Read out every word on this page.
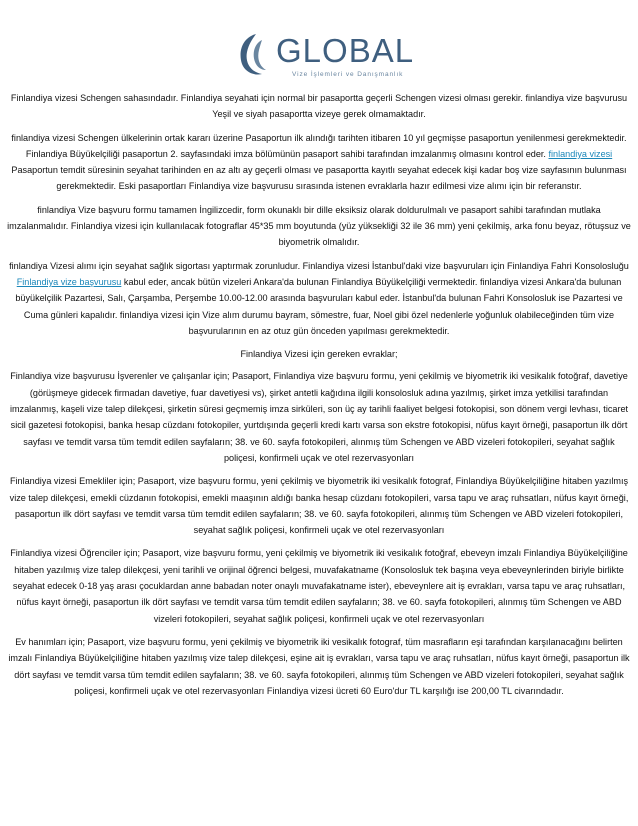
GLOBAL
Vize İşlemleri ve Danışmanlık

Finlandiya vizesi Schengen sahasındadır. Finlandiya seyahati için normal bir pasaportta geçerli Schengen vizesi olması gerekir. finlandiya vize başvurusu Yeşil ve siyah pasaportta vizeye gerek olmamaktadır.

finlandiya vizesi Schengen ülkelerinin ortak kararı üzerine Pasaportun ilk alındığı tarihten itibaren 10 yıl geçmişse pasaportun yenilenmesi gerekmektedir. Finlandiya Büyükelçiliği pasaportun 2. sayfasındaki imza bölümünün pasaport sahibi tarafından imzalanmış olmasını kontrol eder. finlandiya vizesi Pasaportun temdit süresinin seyahat tarihinden en az altı ay geçerli olması ve pasaportta kayıtlı seyahat edecek kişi kadar boş vize sayfasının bulunması gerekmektedir. Eski pasaportları Finlandiya vize başvurusu sırasında istenen evraklarla hazır edilmesi vize alımı için bir referanstır.

finlandiya Vize başvuru formu tamamen İngilizcedir, form okunaklı bir dille eksiksiz olarak doldurulmalı ve pasaport sahibi tarafından mutlaka imzalanmalıdır. Finlandiya vizesi için kullanılacak fotograflar 45*35 mm boyutunda (yüz yüksekliği 32 ile 36 mm) yeni çekilmiş, arka fonu beyaz, rötuşsuz ve biyometrik olmalıdır.

finlandiya Vizesi alımı için seyahat sağlık sigortası yaptırmak zorunludur. Finlandiya vizesi İstanbul'daki vize başvuruları için Finlandiya Fahri Konsolosluğu Finlandiya vize başvurusu kabul eder, ancak bütün vizeleri Ankara'da bulunan Finlandiya Büyükelçiliği vermektedir. finlandiya vizesi Ankara'da bulunan büyükelçilik Pazartesi, Salı, Çarşamba, Perşembe 10.00-12.00 arasında başvuruları kabul eder. İstanbul'da bulunan Fahri Konsolosluk ise Pazartesi ve Cuma günleri kapalıdır. finlandiya vizesi için Vize alım durumu bayram, sömestre, fuar, Noel gibi özel nedenlerle yoğunluk olabileceğinden tüm vize başvurularının en az otuz gün önceden yapılması gerekmektedir.

Finlandiya Vizesi için gereken evraklar;

Finlandiya vize başvurusu İşverenler ve çalışanlar için; Pasaport, Finlandiya vize başvuru formu, yeni çekilmiş ve biyometrik iki vesikalık fotoğraf, davetiye (görüşmeye gidecek firmadan davetiye, fuar davetiyesi vs), şirket antetli kağıdına ilgili konsolosluk adına yazılmış, şirket imza yetkilisi tarafından imzalanmış, kaşeli vize talep dilekçesi, şirketin süresi geçmemiş imza sirküleri, son üç ay tarihli faaliyet belgesi fotokopisi, son dönem vergi levhası, ticaret sicil gazetesi fotokopisi, banka hesap cüzdanı fotokopiler, yurtdışında geçerli kredi kartı varsa son ekstre fotokopisi, nüfus kayıt örneği, pasaportun ilk dört sayfası ve temdit varsa tüm temdit edilen sayfaların; 38. ve 60. sayfa fotokopileri, alınmış tüm Schengen ve ABD vizeleri fotokopileri, seyahat sağlık poliçesi, konfirmeli uçak ve otel rezervasyonları

Finlandiya vizesi Emekliler için; Pasaport, vize başvuru formu, yeni çekilmiş ve biyometrik iki vesikalık fotograf, Finlandiya Büyükelçiliğine hitaben yazılmış vize talep dilekçesi, emekli cüzdanın fotokopisi, emekli maaşının aldığı banka hesap cüzdanı fotokopileri, varsa tapu ve araç ruhsatları, nüfus kayıt örneği, pasaportun ilk dört sayfası ve temdit varsa tüm temdit edilen sayfaların; 38. ve 60. sayfa fotokopileri, alınmış tüm Schengen ve ABD vizeleri fotokopileri, seyahat sağlık poliçesi, konfirmeli uçak ve otel rezervasyonları

Finlandiya vizesi Öğrenciler için; Pasaport, vize başvuru formu, yeni çekilmiş ve biyometrik iki vesikalık fotoğraf, ebeveyn imzalı Finlandiya Büyükelçiliğine hitaben yazılmış vize talep dilekçesi, yeni tarihli ve orijinal öğrenci belgesi, muvafakatname (Konsolosluk tek başına veya ebeveynlerinden biriyle birlikte seyahat edecek 0-18 yaş arası çocuklardan anne babadan noter onaylı muvafakatname ister), ebeveynlere ait iş evrakları, varsa tapu ve araç ruhsatları, nüfus kayıt örneği, pasaportun ilk dört sayfası ve temdit varsa tüm temdit edilen sayfaların; 38. ve 60. sayfa fotokopileri, alınmış tüm Schengen ve ABD vizeleri fotokopileri, seyahat sağlık poliçesi, konfirmeli uçak ve otel rezervasyonları

Ev hanımları için; Pasaport, vize başvuru formu, yeni çekilmiş ve biyometrik iki vesikalık fotograf, tüm masrafların eşi tarafından karşılanacağını belirten imzalı Finlandiya Büyükelçiliğine hitaben yazılmış vize talep dilekçesi, eşine ait iş evrakları, varsa tapu ve araç ruhsatları, nüfus kayıt örneği, pasaportun ilk dört sayfası ve temdit varsa tüm temdit edilen sayfaların; 38. ve 60. sayfa fotokopileri, alınmış tüm Schengen ve ABD vizeleri fotokopileri, seyahat sağlık poliçesi, konfirmeli uçak ve otel rezervasyonları Finlandiya vizesi ücreti 60 Euro'dur TL karşılığı ise 200,00 TL civarındadır.
